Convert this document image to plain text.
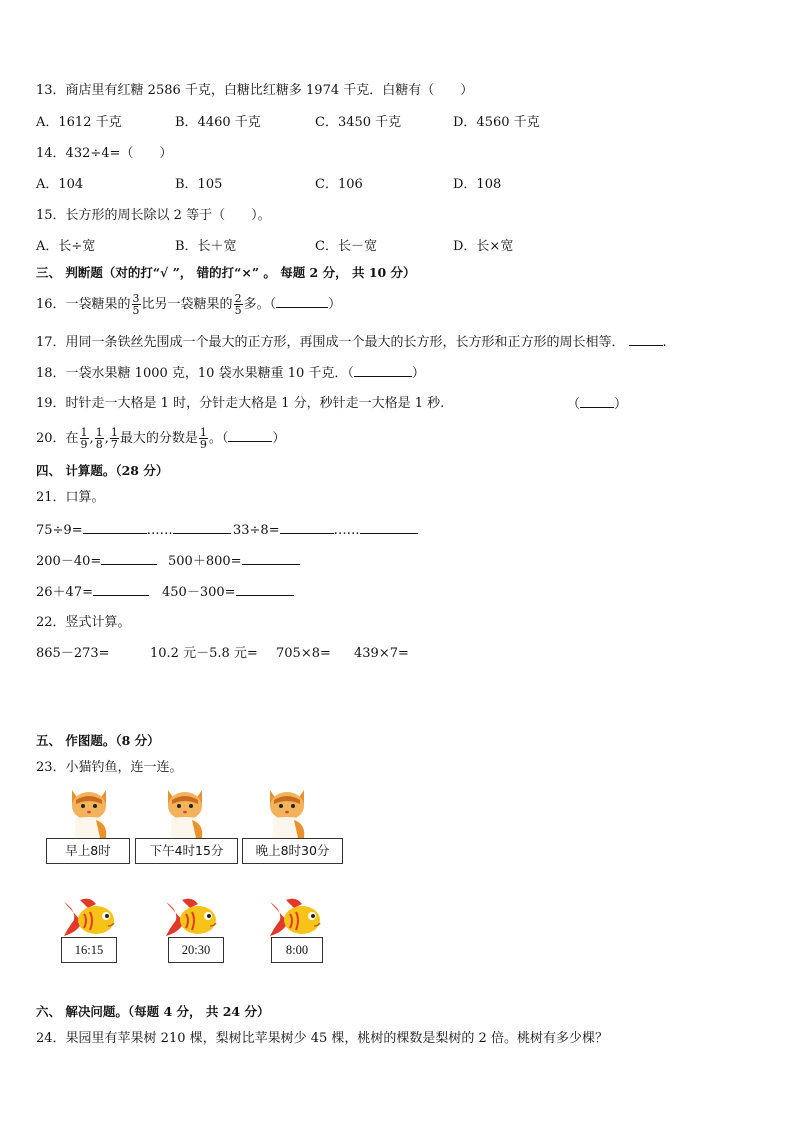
13．商店里有红糖 2586 千克，白糖比红糖多 1974 千克．白糖有（　　）
A．1612 千克	B．4460 千克	C．3450 千克	D．4560 千克
14．432÷4=（　　）
A．104	B．105	C．106	D．108
15．长方形的周长除以 2 等于（　　）。
A．长÷宽	B．长＋宽	C．长－宽	D．长×宽
三、 判断题（对的打“√ ”， 错的打“×” 。 每题 2 分， 共 10 分）
16．一袋糖果的 $\frac{3}{5}$ 比另一袋糖果的 $\frac{2}{5}$ 多。（	）
17．用同一条铁丝先围成一个最大的正方形，再围成一个最大的长方形，长方形和正方形的周长相等．	.
18．一袋水果糖 1000 克，10 袋水果糖重 10 千克．（	）
19．时针走一大格是 1 时，分针走大格是 1 分，秒针走一大格是 1 秒.	（	）
20．在 $\frac{1}{9}$ , $\frac{1}{8}$ , $\frac{1}{7}$ 最大的分数是 $\frac{1}{9}$ 。（	）
四、 计算题。（28 分）
21．口算。
75÷9=	……	33÷8=	……
200－40=	500＋800=
26＋47=	450－300=
22．竖式计算。
865－273=	10.2 元－5.8 元= 705×8= 439×7=
五、 作图题。（8 分）
23．小猫钓鱼，连一连。
早上8时	下午4时15分	晚上8时30分
16:15	20:30	8:00
六、 解决问题。（每题 4 分， 共 24 分）
24．果园里有苹果树 210 棵，梨树比苹果树少 45 棵，桃树的棵数是梨树的 2 倍。桃树有多少棵？
